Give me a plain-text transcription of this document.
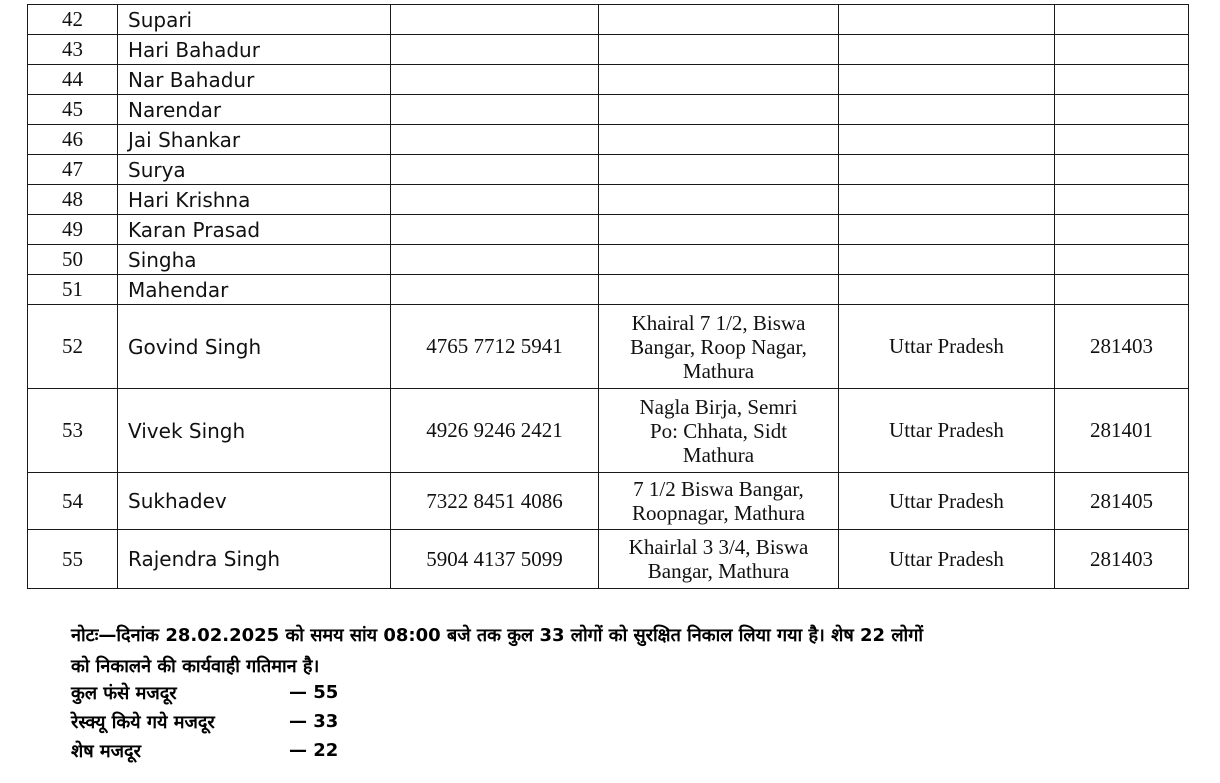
42	Supari				
43	Hari Bahadur				
44	Nar Bahadur				
45	Narendar				
46	Jai Shankar				
47	Surya				
48	Hari Krishna				
49	Karan Prasad				
50	Singha				
51	Mahendar				
52	Govind Singh	4765 7712 5941	Khairal 7 1/2, Biswa
Bangar, Roop Nagar,
Mathura	Uttar Pradesh	281403
53	Vivek Singh	4926 9246 2421	Nagla Birja, Semri
Po: Chhata, Sidt
Mathura	Uttar Pradesh	281401
54	Sukhadev	7322 8451 4086	7 1/2 Biswa Bangar,
Roopnagar, Mathura	Uttar Pradesh	281405
55	Rajendra Singh	5904 4137 5099	Khairlal 3 3/4, Biswa
Bangar, Mathura	Uttar Pradesh	281403
नोटः—दिनांक 28.02.2025 को समय सांय 08:00 बजे तक कुल 33 लोगों को सुरक्षित निकाल लिया गया है। शेष 22 लोगों
को निकालने की कार्यवाही गतिमान है।
कुल फंसे मजदूर	— 55
रेस्क्यू किये गये मजदूर	— 33
शेष मजदूर	— 22
